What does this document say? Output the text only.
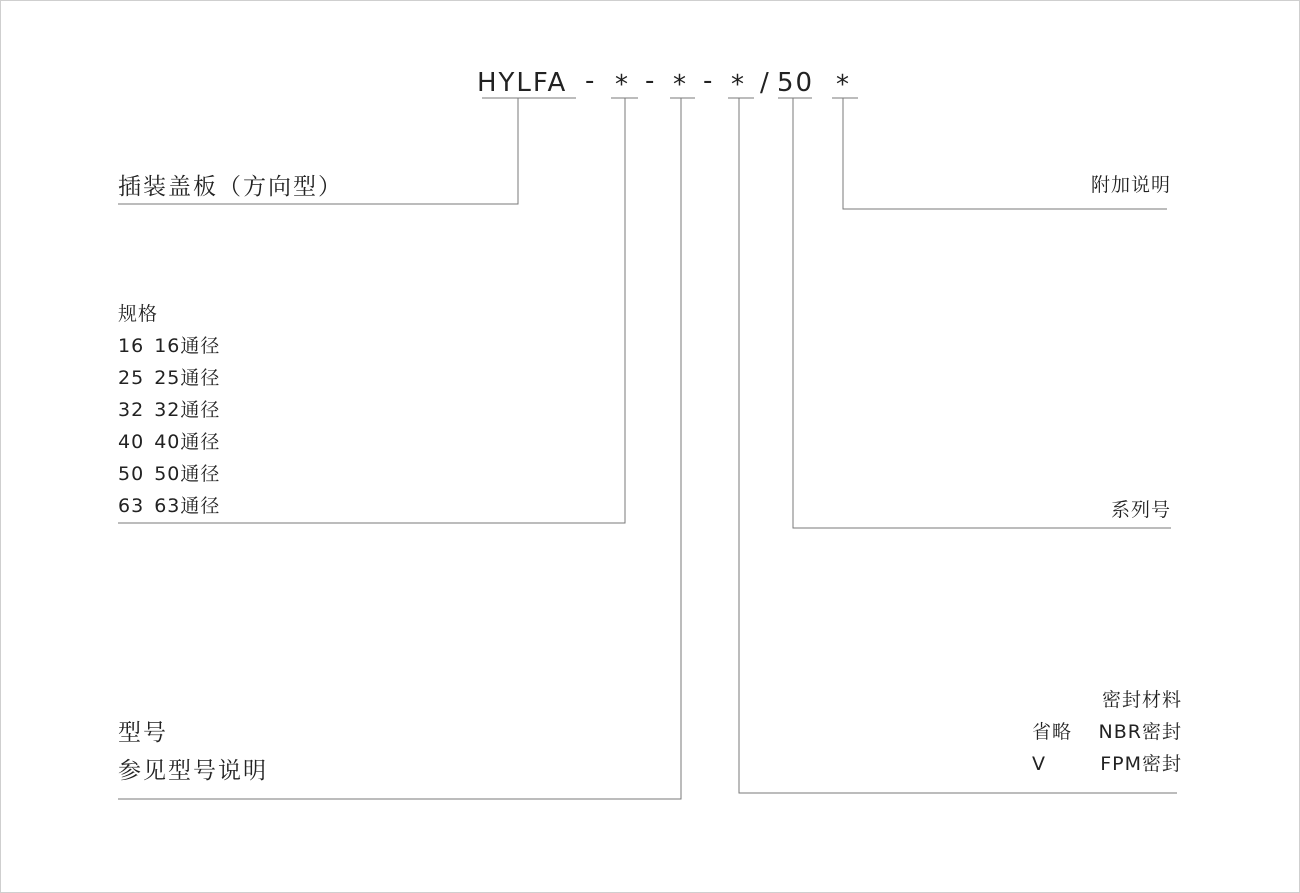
HYLFA - * - * - * / 50 *
插装盖板（方向型）
规格
16 16通径
25 25通径
32 32通径
40 40通径
50 50通径
63 63通径
型号
参见型号说明
附加说明
系列号
密封材料
省略 NBR密封
V	FPM密封
